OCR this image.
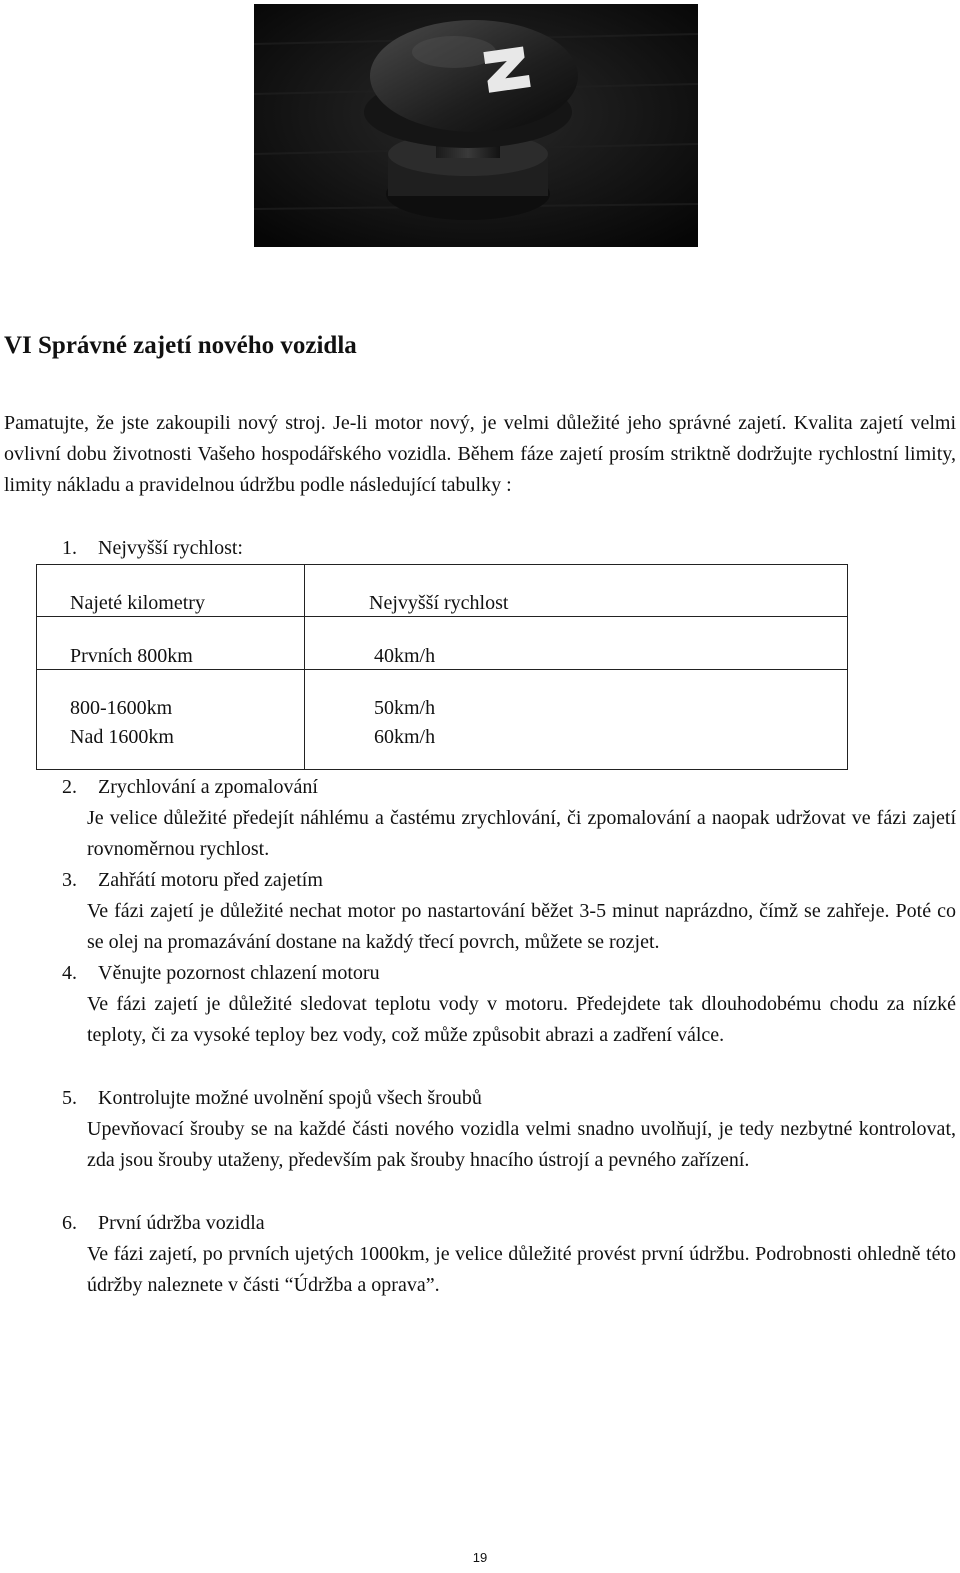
VI Správné zajetí nového vozidla

Pamatujte, že jste zakoupili nový stroj. Je-li motor nový, je velmi důležité jeho správné zajetí. Kvalita zajetí velmi ovlivní dobu životnosti Vašeho hospodářského vozidla. Během fáze zajetí prosím striktně dodržujte rychlostní limity, limity nákladu a pravidelnou údržbu podle následující tabulky :

1. Nejvyšší rychlost:
Najeté kilometry	Nejvyšší rychlost
Prvních 800km	40km/h
800-1600km	50km/h
Nad 1600km	60km/h
2. Zrychlování a zpomalování

Je velice důležité předejít náhlému a častému zrychlování, či zpomalování a naopak udržovat ve fázi zajetí rovnoměrnou rychlost.

3. Zahřátí motoru před zajetím

Ve fázi zajetí je důležité nechat motor po nastartování běžet 3-5 minut naprázdno, čímž se zahřeje. Poté co se olej na promazávání dostane na každý třecí povrch, můžete se rozjet.

4. Věnujte pozornost chlazení motoru

Ve fázi zajetí je důležité sledovat teplotu vody v motoru. Předejdete tak dlouhodobému chodu za nízké teploty, či za vysoké teploy bez vody, což může způsobit abrazi a zadření válce.

5. Kontrolujte možné uvolnění spojů všech šroubů

Upevňovací šrouby se na každé části nového vozidla velmi snadno uvolňují, je tedy nezbytné kontrolovat, zda jsou šrouby utaženy, především pak šrouby hnacího ústrojí a pevného zařízení.

6. První údržba vozidla

Ve fázi zajetí, po prvních ujetých 1000km, je velice důležité provést první údržbu. Podrobnosti ohledně této údržby naleznete v části “Údržba a oprava”.

19
